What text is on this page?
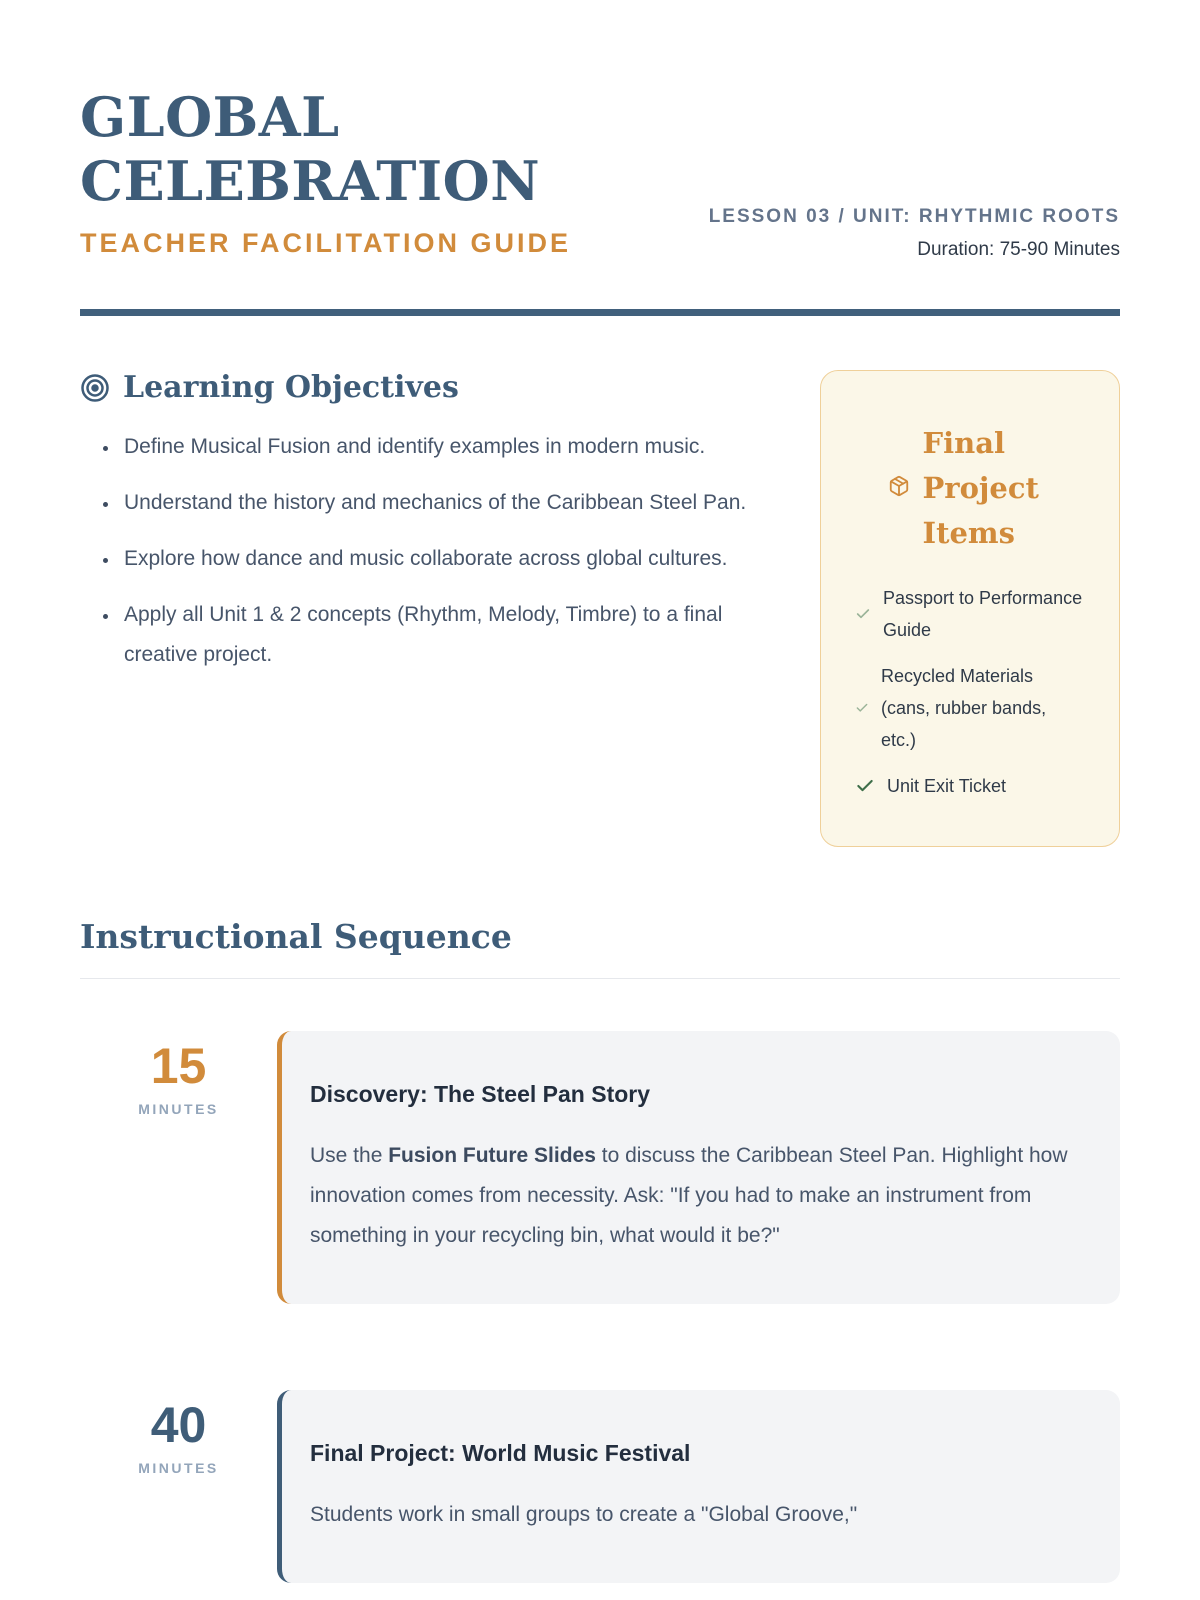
GLOBAL CELEBRATION
TEACHER FACILITATION GUIDE
LESSON 03 / UNIT: RHYTHMIC ROOTS
Duration: 75-90 Minutes
Learning Objectives
• Define Musical Fusion and identify examples in modern music.
• Understand the history and mechanics of the Caribbean Steel Pan.
• Explore how dance and music collaborate across global cultures.
• Apply all Unit 1 & 2 concepts (Rhythm, Melody, Timbre) to a final creative project.
Final Project Items
Passport to Performance Guide
Recycled Materials (cans, rubber bands, etc.)
Unit Exit Ticket
Instructional Sequence
15
MINUTES
Discovery: The Steel Pan Story

Use the Fusion Future Slides to discuss the Caribbean Steel Pan. Highlight how innovation comes from necessity. Ask: "If you had to make an instrument from something in your recycling bin, what would it be?"

40
MINUTES
Final Project: World Music Festival

Students work in small groups to create a "Global Groove,"
